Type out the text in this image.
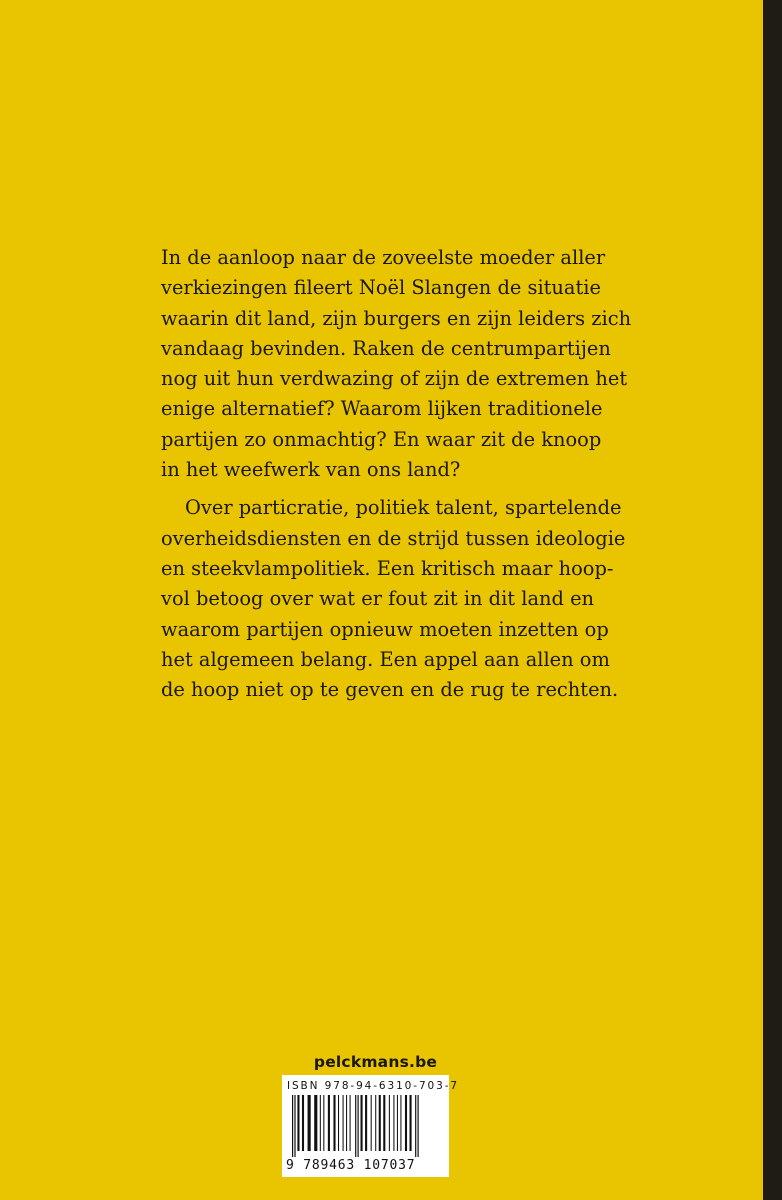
In de aanloop naar de zoveelste moeder aller
verkiezingen fileert Noël Slangen de situatie
waarin dit land, zijn burgers en zijn leiders zich
vandaag bevinden. Raken de centrumpartijen
nog uit hun verdwazing of zijn de extremen het
enige alternatief? Waarom lijken traditionele
partijen zo onmachtig? En waar zit de knoop
in het weefwerk van ons land?

Over particratie, politiek talent, spartelende
overheidsdiensten en de strijd tussen ideologie
en steekvlampolitiek. Een kritisch maar hoop-
vol betoog over wat er fout zit in dit land en
waarom partijen opnieuw moeten inzetten op
het algemeen belang. Een appel aan allen om
de hoop niet op te geven en de rug te rechten.

pelckmans.be
ISBN 978-94-6310-703-7
9 789463 107037
